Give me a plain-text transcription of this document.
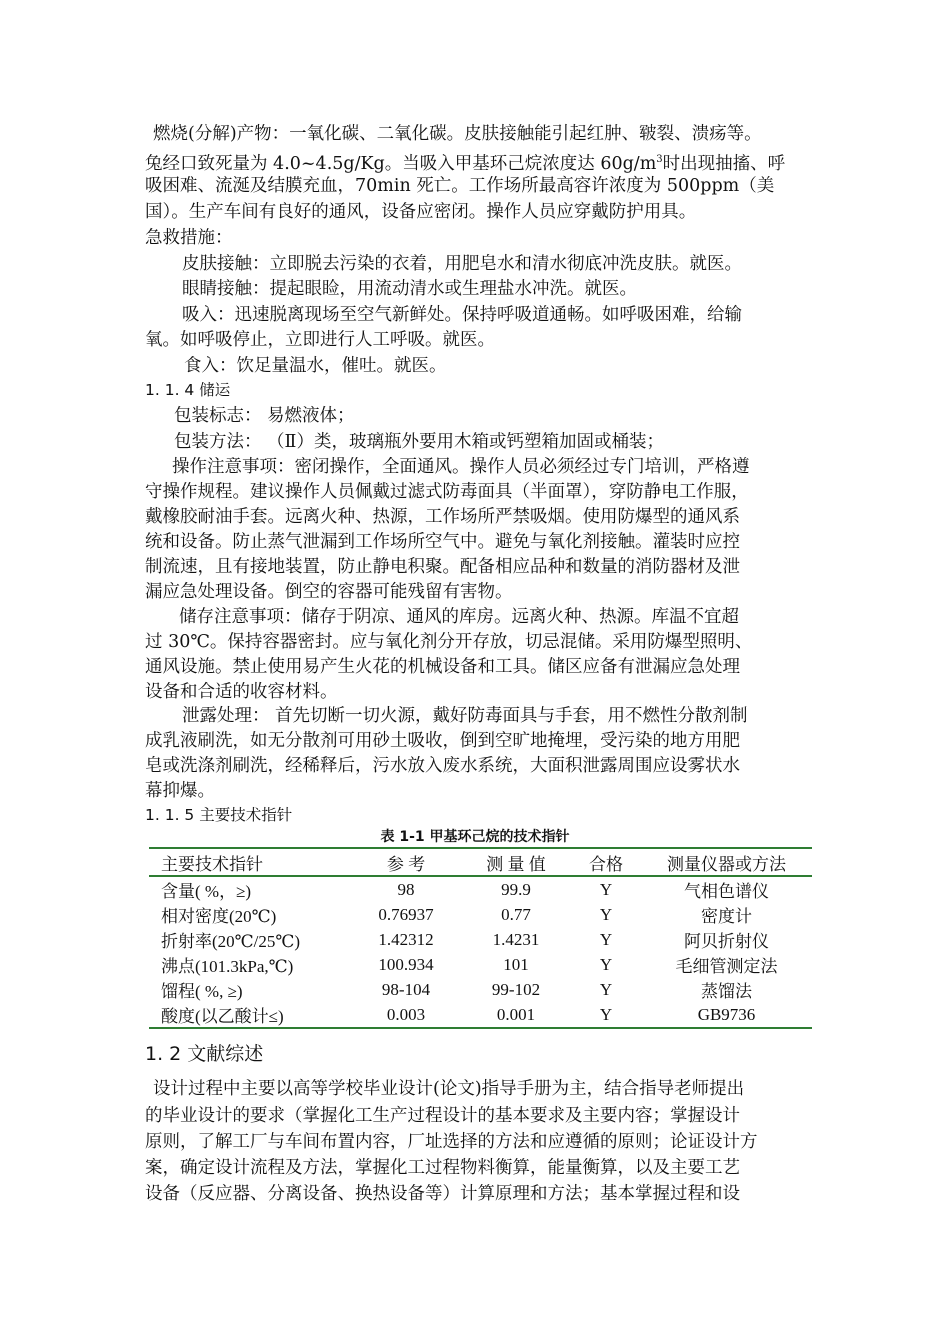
燃烧(分解)产物：一氧化碳、二氧化碳。皮肤接触能引起红肿、皲裂、溃疡等。
兔经口致死量为 4.0~4.5g/Kg。当吸入甲基环己烷浓度达 $60g/m^3$时出现抽搐、呼
吸困难、流涎及结膜充血，70min 死亡。工作场所最高容许浓度为 500ppm（美
国）。生产车间有良好的通风，设备应密闭。操作人员应穿戴防护用具。
急救措施：
皮肤接触：立即脱去污染的衣着，用肥皂水和清水彻底冲洗皮肤。就医。
眼睛接触：提起眼睑，用流动清水或生理盐水冲洗。就医。
吸入：迅速脱离现场至空气新鲜处。保持呼吸道通畅。如呼吸困难，给输
氧。如呼吸停止，立即进行人工呼吸。就医。
食入：饮足量温水，催吐。就医。
1. 1. 4 储运
包装标志： 易燃液体；
包装方法： （Ⅱ）类，玻璃瓶外要用木箱或钙塑箱加固或桶装；
操作注意事项：密闭操作，全面通风。操作人员必须经过专门培训，严格遵
守操作规程。建议操作人员佩戴过滤式防毒面具（半面罩），穿防静电工作服，
戴橡胶耐油手套。远离火种、热源，工作场所严禁吸烟。使用防爆型的通风系
统和设备。防止蒸气泄漏到工作场所空气中。避免与氧化剂接触。灌装时应控
制流速，且有接地装置，防止静电积聚。配备相应品种和数量的消防器材及泄
漏应急处理设备。倒空的容器可能残留有害物。
储存注意事项：储存于阴凉、通风的库房。远离火种、热源。库温不宜超
过 30℃。保持容器密封。应与氧化剂分开存放，切忌混储。采用防爆型照明、
通风设施。禁止使用易产生火花的机械设备和工具。储区应备有泄漏应急处理
设备和合适的收容材料。
泄露处理： 首先切断一切火源，戴好防毒面具与手套，用不燃性分散剂制
成乳液刷洗，如无分散剂可用砂土吸收，倒到空旷地掩埋，受污染的地方用肥
皂或洗涤剂刷洗，经稀释后，污水放入废水系统，大面积泄露周围应设雾状水
幕抑爆。
1. 1. 5 主要技术指针
表 1-1 甲基环己烷的技术指针
主要技术指针	参 考	测 量 值	合格	测量仪器或方法
含量( %，≥)	98	99.9	Y	气相色谱仪
相对密度(20℃)	0.76937	0.77	Y	密度计
折射率(20℃/25℃)	1.42312	1.4231	Y	阿贝折射仪
沸点(101.3kPa,℃)	100.934	101	Y	毛细管测定法
馏程( %, ≥)	98-104	99-102	Y	蒸馏法
酸度(以乙酸计≤)	0.003	0.001	Y	GB9736
1. 2 文献综述
设计过程中主要以高等学校毕业设计(论文)指导手册为主，结合指导老师提出
的毕业设计的要求（掌握化工生产过程设计的基本要求及主要内容；掌握设计
原则，了解工厂与车间布置内容，厂址选择的方法和应遵循的原则；论证设计方
案，确定设计流程及方法，掌握化工过程物料衡算，能量衡算，以及主要工艺
设备（反应器、分离设备、换热设备等）计算原理和方法；基本掌握过程和设
